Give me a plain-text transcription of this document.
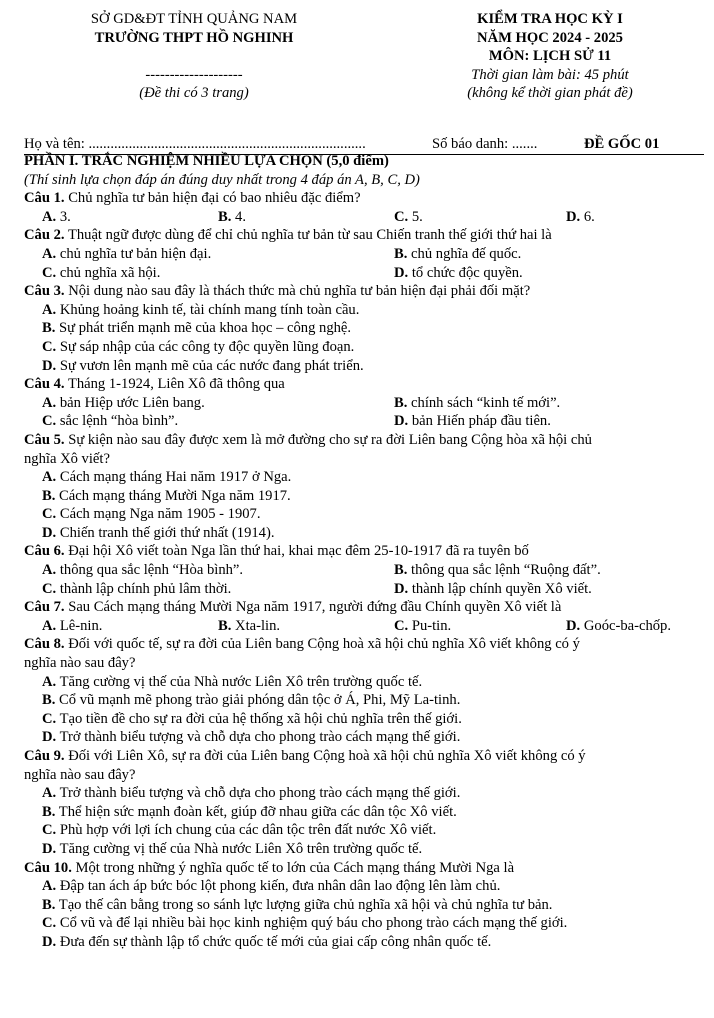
SỞ GD&ĐT TỈNH QUẢNG NAM
TRƯỜNG THPT HỒ NGHINH
--------------------
(Đề thi có 3 trang)
KIỂM TRA HỌC KỲ I
NĂM HỌC 2024 - 2025
MÔN: LỊCH SỬ 11
Thời gian làm bài: 45 phút
(không kể thời gian phát đề)
Họ và tên: ............................................................................	Số báo danh: .......	ĐỀ GỐC 01
PHẦN I. TRẮC NGHIỆM NHIỀU LỰA CHỌN (5,0 điểm)
(Thí sinh lựa chọn đáp án đúng duy nhất trong 4 đáp án A, B, C, D)
Câu 1. Chủ nghĩa tư bản hiện đại có bao nhiêu đặc điểm?
A. 3.	B. 4.	C. 5.	D. 6.
Câu 2. Thuật ngữ được dùng để chỉ chủ nghĩa tư bản từ sau Chiến tranh thế giới thứ hai là
A. chủ nghĩa tư bản hiện đại.	B. chủ nghĩa đế quốc.
C. chủ nghĩa xã hội.	D. tổ chức độc quyền.
Câu 3. Nội dung nào sau đây là thách thức mà chủ nghĩa tư bản hiện đại phải đối mặt?
A. Khủng hoảng kinh tế, tài chính mang tính toàn cầu.
B. Sự phát triển mạnh mẽ của khoa học – công nghệ.
C. Sự sáp nhập của các công ty độc quyền lũng đoạn.
D. Sự vươn lên mạnh mẽ của các nước đang phát triển.
Câu 4. Tháng 1-1924, Liên Xô đã thông qua
A. bản Hiệp ước Liên bang.	B. chính sách “kinh tế mới”.
C. sắc lệnh “hòa bình”.	D. bản Hiến pháp đầu tiên.
Câu 5. Sự kiện nào sau đây được xem là mở đường cho sự ra đời Liên bang Cộng hòa xã hội chủ
nghĩa Xô viết?
A. Cách mạng tháng Hai năm 1917 ở Nga.
B. Cách mạng tháng Mười Nga năm 1917.
C. Cách mạng Nga năm 1905 - 1907.
D. Chiến tranh thế giới thứ nhất (1914).
Câu 6. Đại hội Xô viết toàn Nga lần thứ hai, khai mạc đêm 25-10-1917 đã ra tuyên bố
A. thông qua sắc lệnh “Hòa bình”.	B. thông qua sắc lệnh “Ruộng đất”.
C. thành lập chính phủ lâm thời.	D. thành lập chính quyền Xô viết.
Câu 7. Sau Cách mạng tháng Mười Nga năm 1917, người đứng đầu Chính quyền Xô viết là
A. Lê-nin.	B. Xta-lin.	C. Pu-tin.	D. Goóc-ba-chốp.
Câu 8. Đối với quốc tế, sự ra đời của Liên bang Cộng hoà xã hội chủ nghĩa Xô viết không có ý
nghĩa nào sau đây?
A. Tăng cường vị thế của Nhà nước Liên Xô trên trường quốc tế.
B. Cổ vũ mạnh mẽ phong trào giải phóng dân tộc ở Á, Phi, Mỹ La-tinh.
C. Tạo tiền đề cho sự ra đời của hệ thống xã hội chủ nghĩa trên thế giới.
D. Trở thành biểu tượng và chỗ dựa cho phong trào cách mạng thế giới.
Câu 9. Đối với Liên Xô, sự ra đời của Liên bang Cộng hoà xã hội chủ nghĩa Xô viết không có ý
nghĩa nào sau đây?
A. Trở thành biểu tượng và chỗ dựa cho phong trào cách mạng thế giới.
B. Thể hiện sức mạnh đoàn kết, giúp đỡ nhau giữa các dân tộc Xô viết.
C. Phù hợp với lợi ích chung của các dân tộc trên đất nước Xô viết.
D. Tăng cường vị thế của Nhà nước Liên Xô trên trường quốc tế.
Câu 10. Một trong những ý nghĩa quốc tế to lớn của Cách mạng tháng Mười Nga là
A. Đập tan ách áp bức bóc lột phong kiến, đưa nhân dân lao động lên làm chủ.
B. Tạo thế cân bằng trong so sánh lực lượng giữa chủ nghĩa xã hội và chủ nghĩa tư bản.
C. Cổ vũ và để lại nhiều bài học kinh nghiệm quý báu cho phong trào cách mạng thế giới.
D. Đưa đến sự thành lập tổ chức quốc tế mới của giai cấp công nhân quốc tế.
